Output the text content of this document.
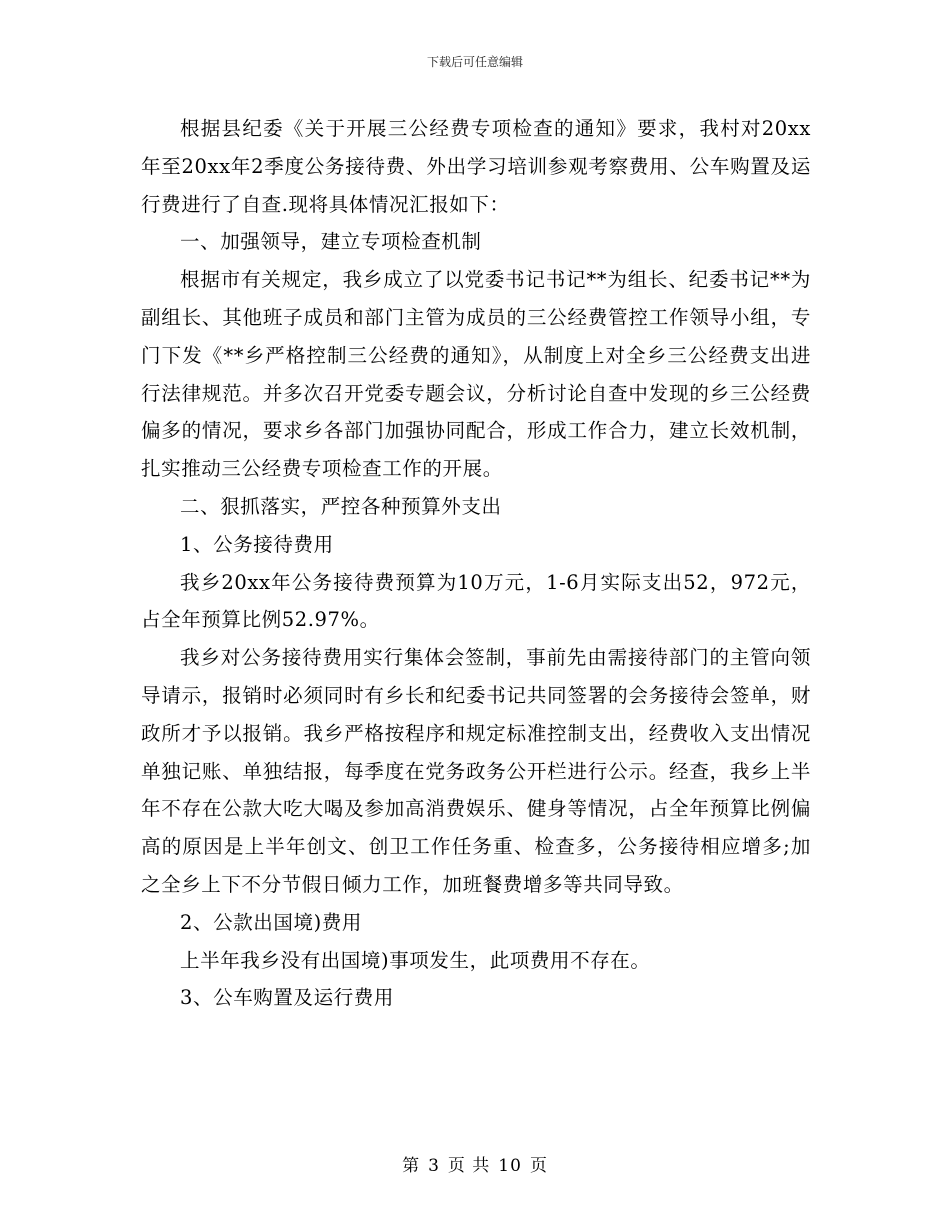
下载后可任意编辑

根据县纪委《关于开展三公经费专项检查的通知》要求，我村对20xx年至20xx年2季度公务接待费、外出学习培训参观考察费用、公车购置及运行费进行了自查.现将具体情况汇报如下：

一、加强领导，建立专项检查机制

根据市有关规定，我乡成立了以党委书记书记**为组长、纪委书记**为副组长、其他班子成员和部门主管为成员的三公经费管控工作领导小组，专门下发《**乡严格控制三公经费的通知》，从制度上对全乡三公经费支出进行法律规范。并多次召开党委专题会议，分析讨论自查中发现的乡三公经费偏多的情况，要求乡各部门加强协同配合，形成工作合力，建立长效机制，扎实推动三公经费专项检查工作的开展。

二、狠抓落实，严控各种预算外支出

1、公务接待费用

我乡20xx年公务接待费预算为10万元，1-6月实际支出52，972元，占全年预算比例52.97%。

我乡对公务接待费用实行集体会签制，事前先由需接待部门的主管向领导请示，报销时必须同时有乡长和纪委书记共同签署的会务接待会签单，财政所才予以报销。我乡严格按程序和规定标准控制支出，经费收入支出情况单独记账、单独结报，每季度在党务政务公开栏进行公示。经查，我乡上半年不存在公款大吃大喝及参加高消费娱乐、健身等情况，占全年预算比例偏高的原因是上半年创文、创卫工作任务重、检查多，公务接待相应增多;加之全乡上下不分节假日倾力工作，加班餐费增多等共同导致。

2、公款出国境)费用

上半年我乡没有出国境)事项发生，此项费用不存在。

3、公车购置及运行费用

第 3 页 共 10 页
